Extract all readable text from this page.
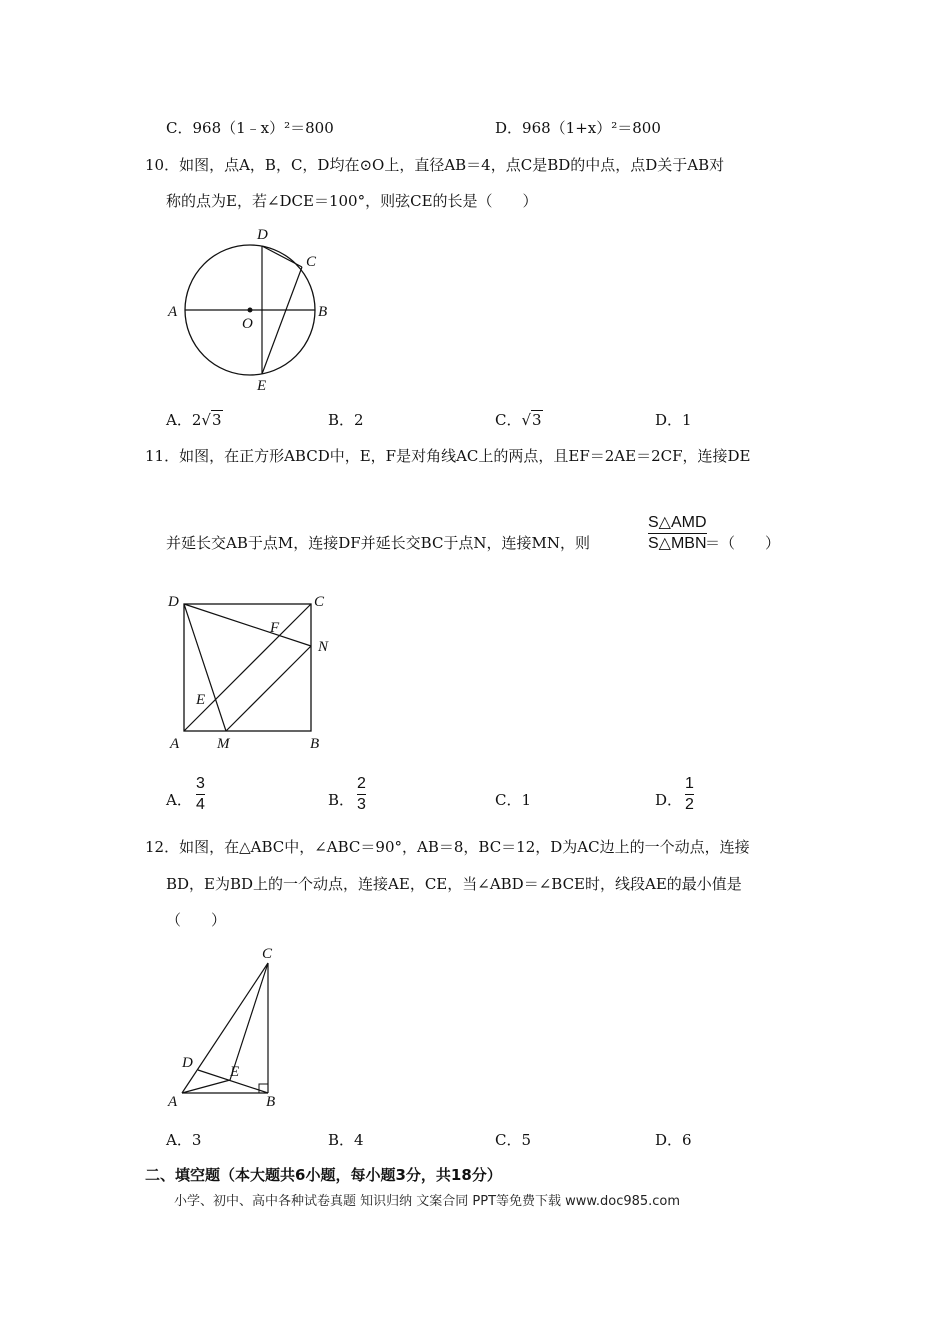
C．968（1﹣x）²＝800	D．968（1+x）²＝800
10．如图，点A，B，C，D均在⊙O上，直径AB＝4，点C是BD的中点，点D关于AB对
称的点为E，若∠DCE＝100°，则弦CE的长是（　　）
A	B
C
D
E
O
A．2√3	B．2	C．√3	D．1
11．如图，在正方形ABCD中，E，F是对角线AC上的两点，且EF＝2AE＝2CF，连接DE
并延长交AB于点M，连接DF并延长交BC于点N，连接MN，则
S△AMD
S△MBN
＝（　　）
D	C
A	B
M
N
F
E
A．
3
4	B．
2
3	C．1	D．
1
2
12．如图，在△ABC中，∠ABC＝90°，AB＝8，BC＝12，D为AC边上的一个动点，连接
BD，E为BD上的一个动点，连接AE，CE，当∠ABD＝∠BCE时，线段AE的最小值是
（　　）
C
A	B
D
E
A．3	B．4	C．5	D．6
二、填空题（本大题共6小题，每小题3分，共18分）
小学、初中、高中各种试卷真题 知识归纳 文案合同 PPT等免费下载 www.doc985.com
